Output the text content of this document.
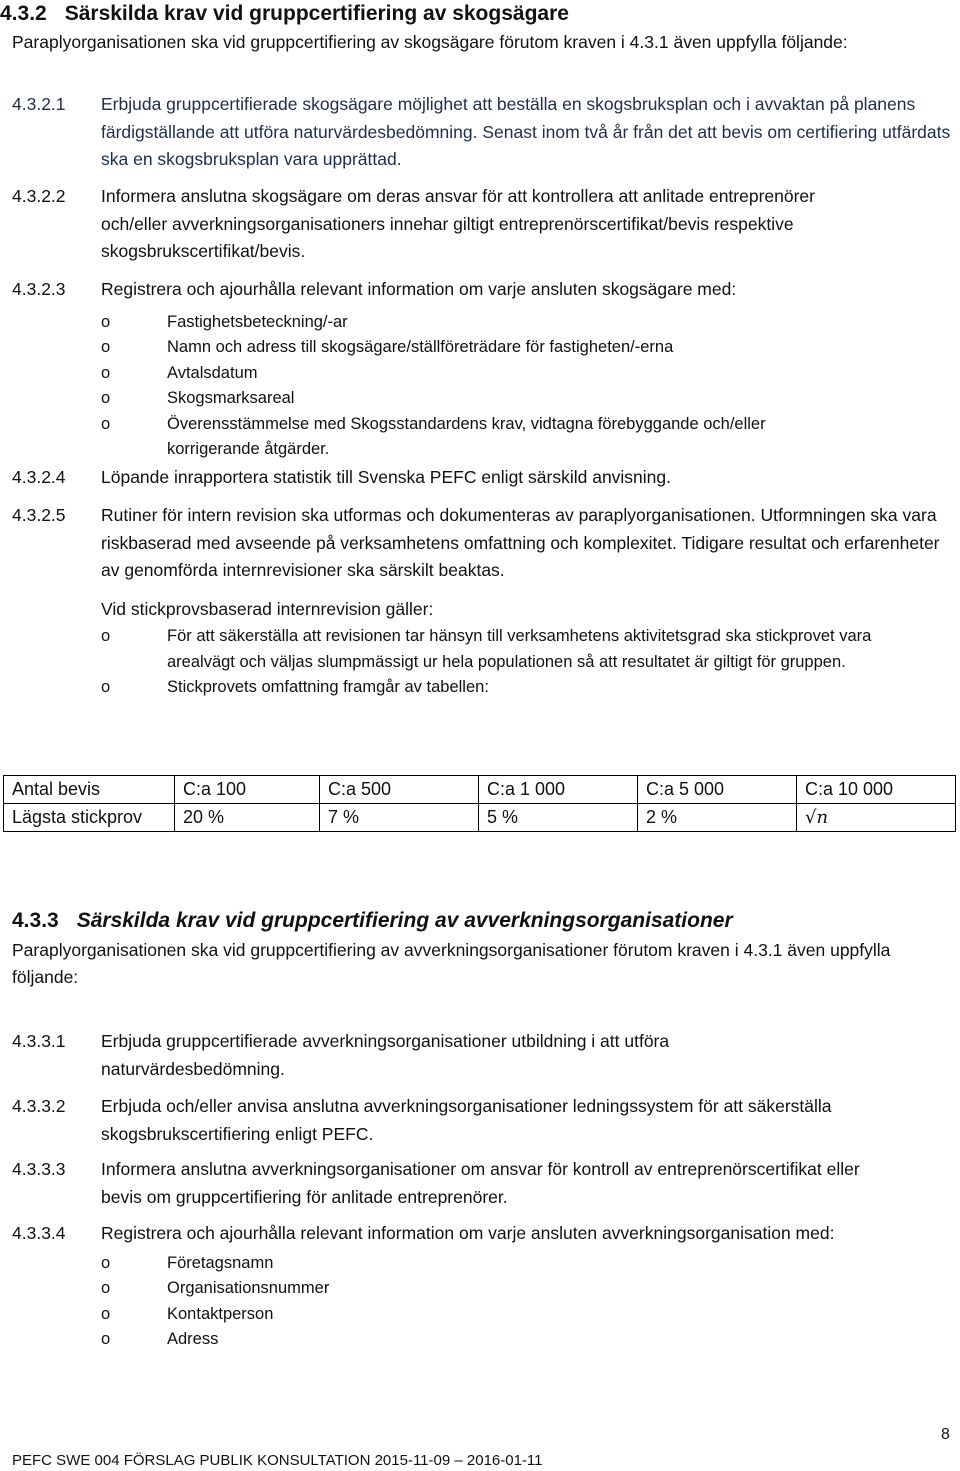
4.3.2 Särskilda krav vid gruppcertifiering av skogsägare
Paraplyorganisationen ska vid gruppcertifiering av skogsägare förutom kraven i 4.3.1 även uppfylla följande:
4.3.2.1	Erbjuda gruppcertifierade skogsägare möjlighet att beställa en skogsbruksplan och i avvaktan på planens färdigställande att utföra naturvärdesbedömning. Senast inom två år från det att bevis om certifiering utfärdats ska en skogsbruksplan vara upprättad.
4.3.2.2	Informera anslutna skogsägare om deras ansvar för att kontrollera att anlitade entreprenörer och/eller avverkningsorganisationers innehar giltigt entreprenörscertifikat/bevis respektive skogsbrukscertifikat/bevis.
4.3.2.3	Registrera och ajourhålla relevant information om varje ansluten skogsägare med:

o	Fastighetsbeteckning/-ar
o	Namn och adress till skogsägare/ställföreträdare för fastigheten/-erna
o	Avtalsdatum
o	Skogsmarksareal
o	Överensstämmelse med Skogsstandardens krav, vidtagna förebyggande och/eller korrigerande åtgärder.
4.3.2.4	Löpande inrapportera statistik till Svenska PEFC enligt särskild anvisning.
4.3.2.5	Rutiner för intern revision ska utformas och dokumenteras av paraplyorganisationen. Utformningen ska vara riskbaserad med avseende på verksamhetens omfattning och komplexitet. Tidigare resultat och erfarenheter av genomförda internrevisioner ska särskilt beaktas.

Vid stickprovsbaserad internrevision gäller:

o	För att säkerställa att revisionen tar hänsyn till verksamhetens aktivitetsgrad ska stickprovet vara arealvägt och väljas slumpmässigt ur hela populationen så att resultatet är giltigt för gruppen.
o	Stickprovets omfattning framgår av tabellen:
Antal bevis	C:a 100	C:a 500	C:a 1 000	C:a 5 000	C:a 10 000
Lägsta stickprov	20 %	7 %	5 %	2 %	√n
4.3.3 Särskilda krav vid gruppcertifiering av avverkningsorganisationer
Paraplyorganisationen ska vid gruppcertifiering av avverkningsorganisationer förutom kraven i 4.3.1 även uppfylla följande:
4.3.3.1	Erbjuda gruppcertifierade avverkningsorganisationer utbildning i att utföra naturvärdesbedömning.
4.3.3.2	Erbjuda och/eller anvisa anslutna avverkningsorganisationer ledningssystem för att säkerställa skogsbrukscertifiering enligt PEFC.
4.3.3.3	Informera anslutna avverkningsorganisationer om ansvar för kontroll av entreprenörscertifikat eller bevis om gruppcertifiering för anlitade entreprenörer.
4.3.3.4	Registrera och ajourhålla relevant information om varje ansluten avverkningsorganisation med:

o	Företagsnamn
o	Organisationsnummer
o	Kontaktperson
o	Adress
8
PEFC SWE 004 FÖRSLAG PUBLIK KONSULTATION 2015-11-09 – 2016-01-11
